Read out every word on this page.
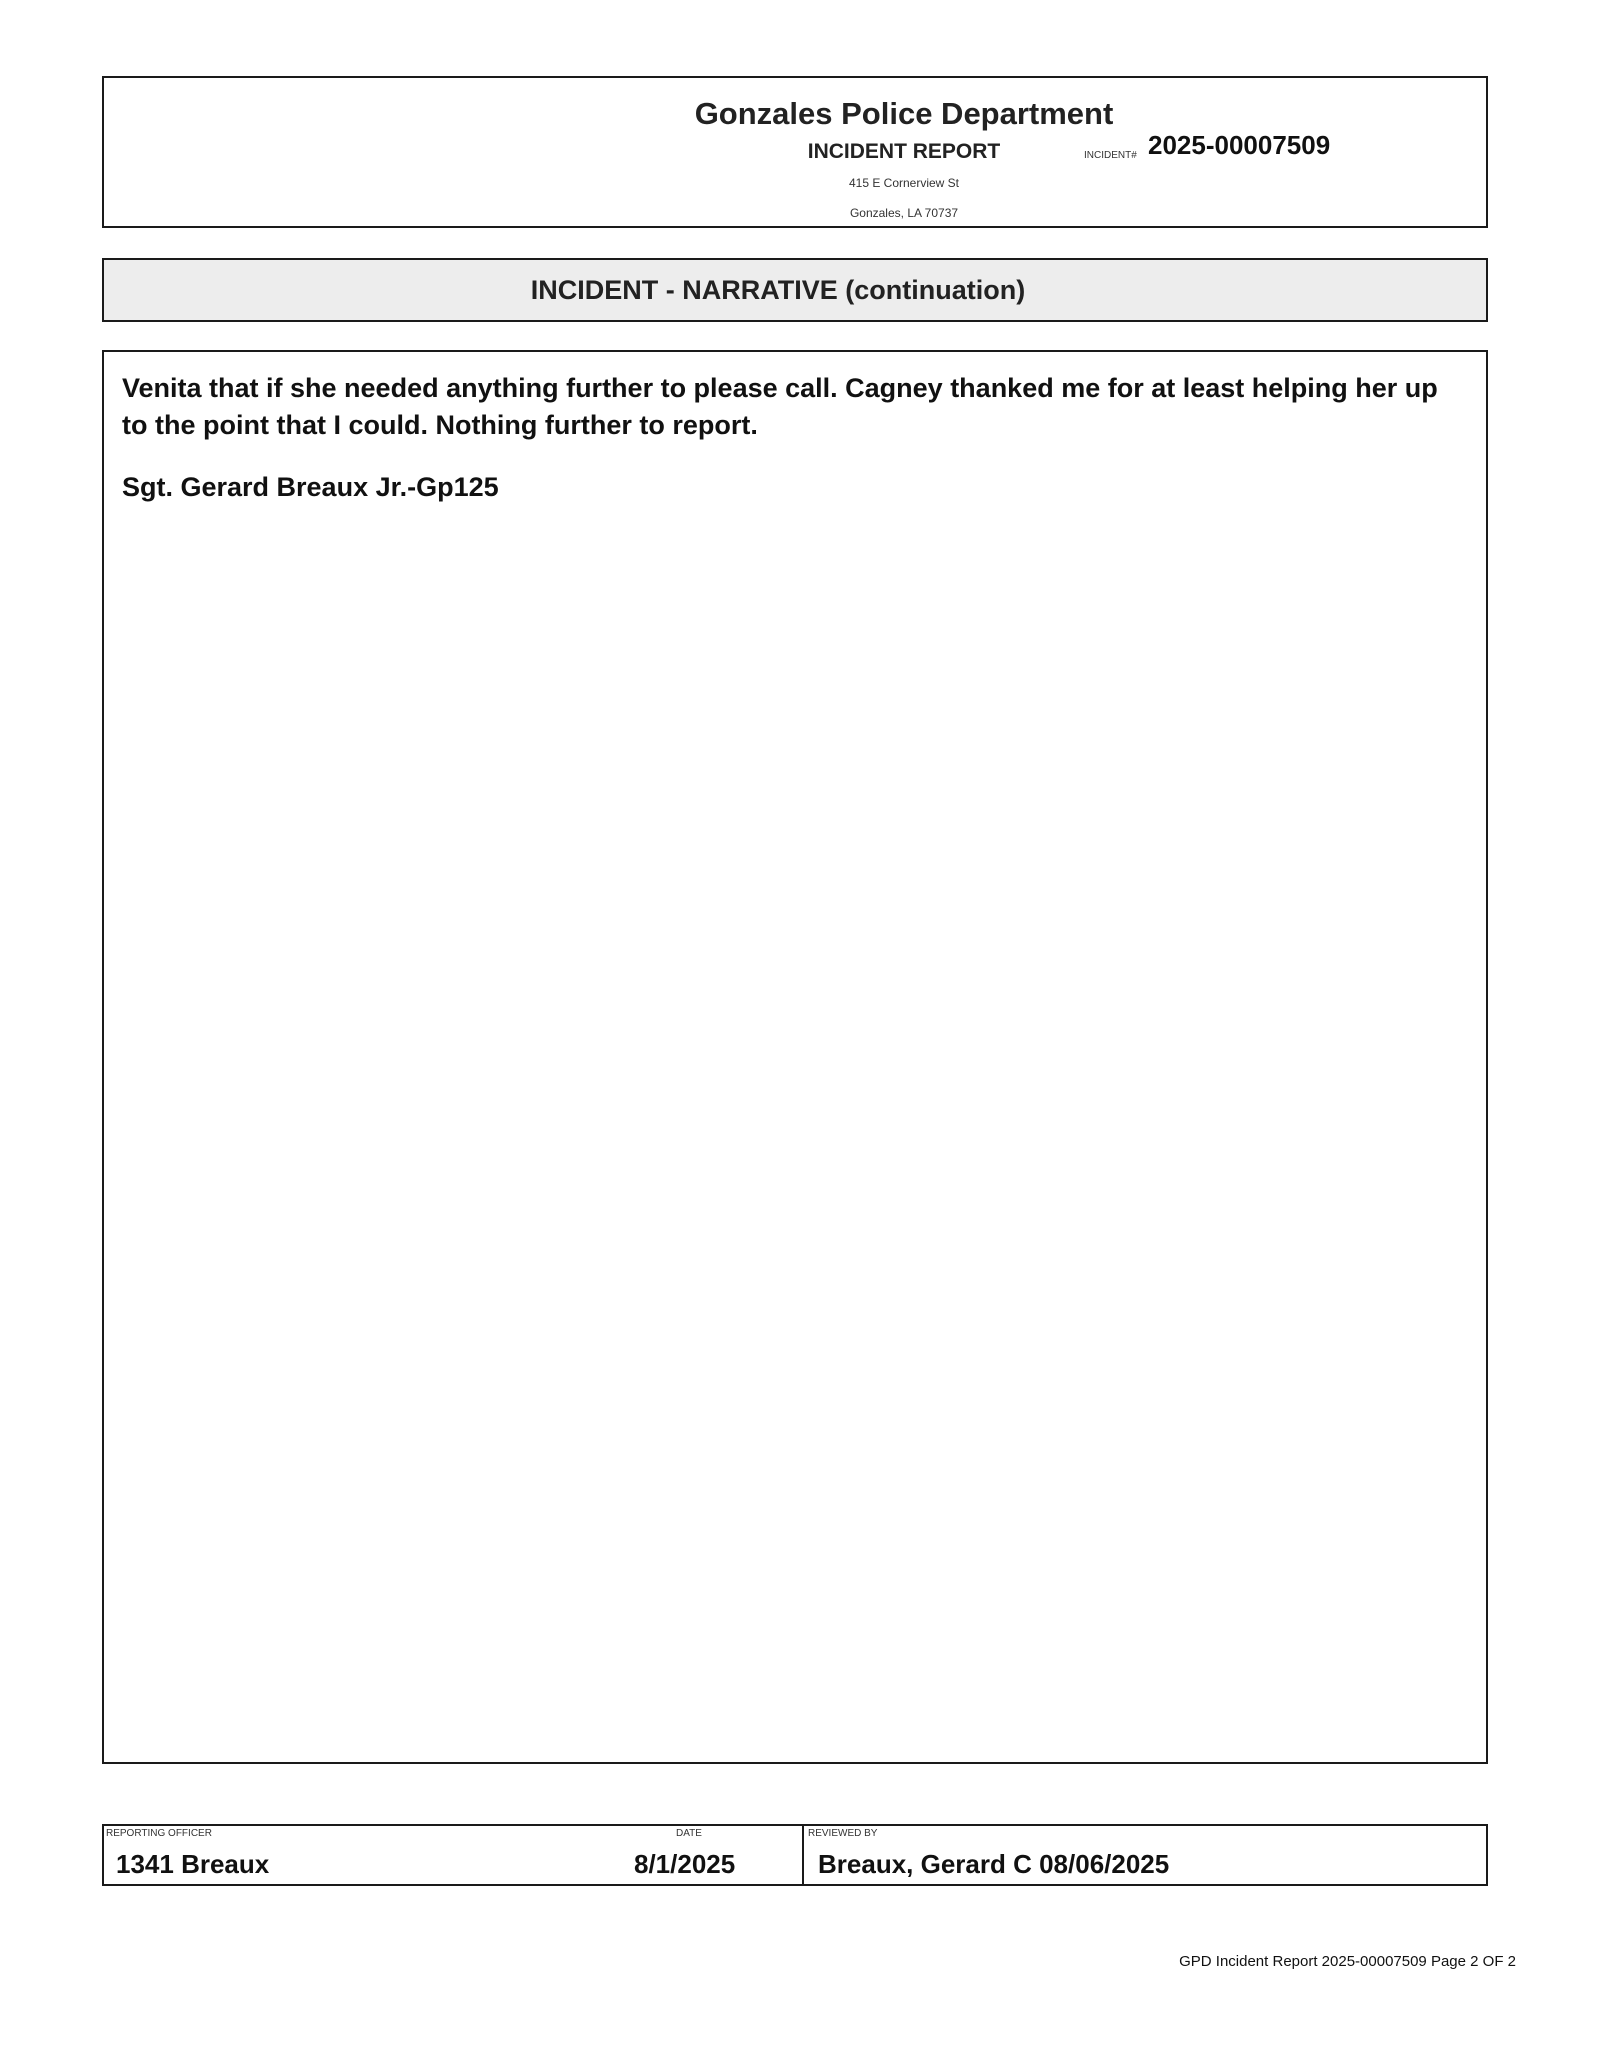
Gonzales Police Department
INCIDENT REPORT
415 E Cornerview St
Gonzales, LA 70737
INCIDENT# 2025-00007509
INCIDENT - NARRATIVE (continuation)

Venita that if she needed anything further to please call. Cagney thanked me for at least helping her up to the point that I could. Nothing further to report.

Sgt. Gerard Breaux Jr.-Gp125

REPORTING OFFICER
1341 Breaux
DATE
8/1/2025
REVIEWED BY
Breaux, Gerard C 08/06/2025
GPD Incident Report 2025-00007509 Page 2 OF 2
